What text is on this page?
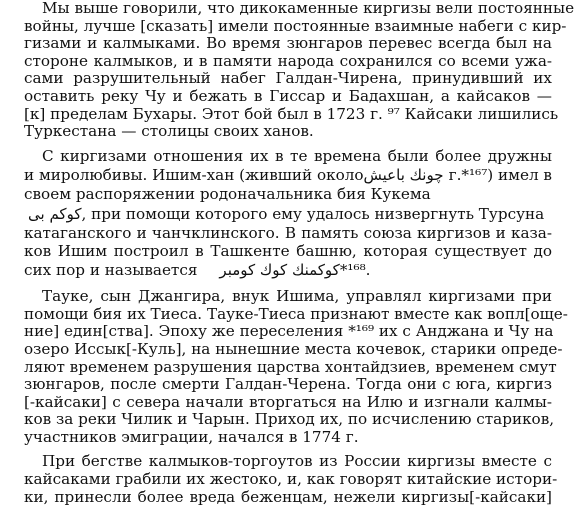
Мы выше говорили, что дикокаменные киргизы вели постоянные
войны, лучше [сказать] имели постоянные взаимные набеги с кир-
гизами и калмыками. Во время зюнгаров перевес всегда был на
стороне калмыков, и в памяти народа сохранился со всеми ужа-
сами разрушительный набег Галдан-Чирена, принудивший их
оставить реку Чу и бежать в Гиссар и Бадахшан, а кайсаков —
[к] пределам Бухары. Этот бой был в 1723 г. ⁹⁷ Кайсаки лишились
Туркестана — столицы своих ханов.
С киргизами отношения их в те времена были более дружны
и миролюбивы. Ишим-хан (живший около چونك باعيش г.*¹⁶⁷) имел в
своем распоряжении родоначальника бия Кукема
كوكم بى , при помощи которого ему удалось низвергнуть Турсуна
катаганского и чанчклинского. В память союза киргизов и каза-
ков Ишим построил в Ташкенте башню, которая существует до
сих пор и называется كوكمنك كوك كومبر *¹⁶⁸.
Тауке, сын Джангира, внук Ишима, управлял киргизами при
помощи бия их Тиеса. Тауке-Тиеса признают вместе как вопл[още-
ние] един[ства]. Эпоху же переселения *¹⁶⁹ их с Анджана и Чу на
озеро Иссык[-Куль], на нынешние места кочевок, старики опреде-
ляют временем разрушения царства хонтайдзиев, временем смут
зюнгаров, после смерти Галдан-Черена. Тогда они с юга, киргиз
[-кайсаки] с севера начали вторгаться на Илю и изгнали калмы-
ков за реки Чилик и Чарын. Приход их, по исчислению стариков,
участников эмиграции, начался в 1774 г.
При бегстве калмыков-торгоутов из России киргизы вместе с
кайсаками грабили их жестоко, и, как говорят китайские истори-
ки, принесли более вреда беженцам, нежели киргизы[-кайсаки]
